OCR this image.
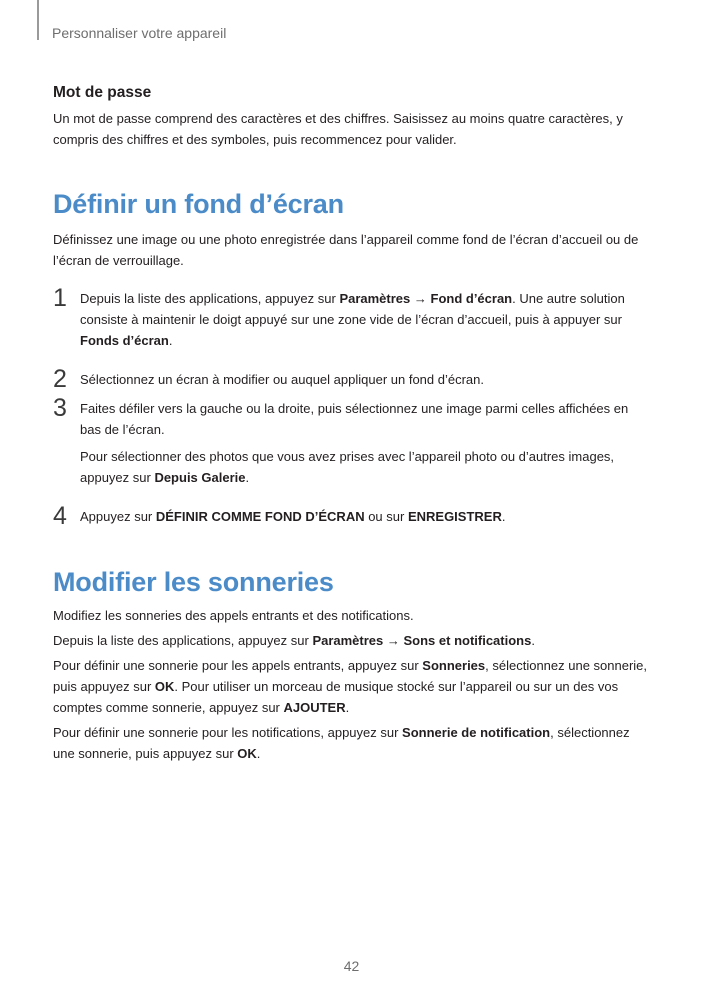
Personnaliser votre appareil
Mot de passe

Un mot de passe comprend des caractères et des chiffres. Saisissez au moins quatre caractères, y compris des chiffres et des symboles, puis recommencez pour valider.

Définir un fond d’écran

Définissez une image ou une photo enregistrée dans l’appareil comme fond de l’écran d’accueil ou de l’écran de verrouillage.

1 Depuis la liste des applications, appuyez sur Paramètres → Fond d’écran. Une autre solution consiste à maintenir le doigt appuyé sur une zone vide de l’écran d’accueil, puis à appuyer sur Fonds d’écran.

2 Sélectionnez un écran à modifier ou auquel appliquer un fond d’écran.

3 Faites défiler vers la gauche ou la droite, puis sélectionnez une image parmi celles affichées en bas de l’écran.

Pour sélectionner des photos que vous avez prises avec l’appareil photo ou d’autres images, appuyez sur Depuis Galerie.

4 Appuyez sur DÉFINIR COMME FOND D’ÉCRAN ou sur ENREGISTRER.

Modifier les sonneries

Modifiez les sonneries des appels entrants et des notifications.

Depuis la liste des applications, appuyez sur Paramètres → Sons et notifications.

Pour définir une sonnerie pour les appels entrants, appuyez sur Sonneries, sélectionnez une sonnerie, puis appuyez sur OK. Pour utiliser un morceau de musique stocké sur l’appareil ou sur un des vos comptes comme sonnerie, appuyez sur AJOUTER.

Pour définir une sonnerie pour les notifications, appuyez sur Sonnerie de notification, sélectionnez une sonnerie, puis appuyez sur OK.

42
